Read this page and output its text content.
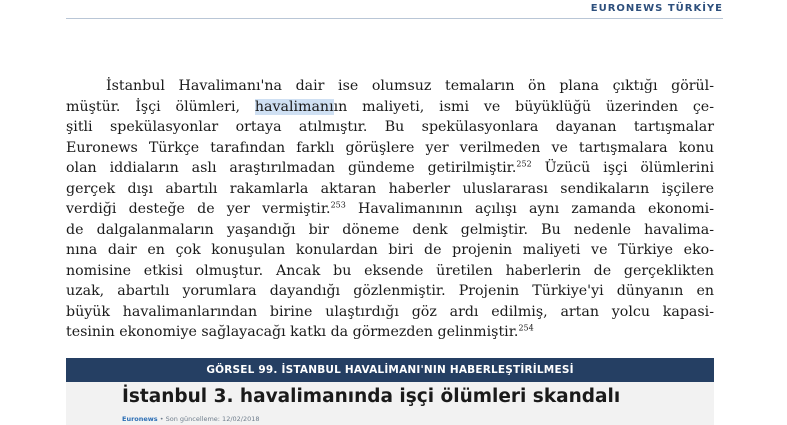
EURONEWS TÜRKİYE
İstanbul Havalimanı'na dair ise olumsuz temaların ön plana çıktığı görül-
müştür. İşçi ölümleri, havalimanıın maliyeti, ismi ve büyüklüğü üzerinden çe-
şitli spekülasyonlar ortaya atılmıştır. Bu spekülasyonlara dayanan tartışmalar
Euronews Türkçe tarafından farklı görüşlere yer verilmeden ve tartışmalara konu
olan iddiaların aslı araştırılmadan gündeme getirilmiştir.$^{252}$ Üzücü işçi ölümlerini
gerçek dışı abartılı rakamlarla aktaran haberler uluslararası sendikaların işçilere
verdiği desteğe de yer vermiştir.$^{253}$ Havalimanının açılışı aynı zamanda ekonomi-
de dalgalanmaların yaşandığı bir döneme denk gelmiştir. Bu nedenle havalima-
nına dair en çok konuşulan konulardan biri de projenin maliyeti ve Türkiye eko-
nomisine etkisi olmuştur. Ancak bu eksende üretilen haberlerin de gerçeklikten
uzak, abartılı yorumlara dayandığı gözlenmiştir. Projenin Türkiye'yi dünyanın en
büyük havalimanlarından birine ulaştırdığı göz ardı edilmiş, artan yolcu kapasi-
tesinin ekonomiye sağlayacağı katkı da görmezden gelinmiştir.$^{254}$
GÖRSEL 99. İSTANBUL HAVALİMANI'NIN HABERLEŞTİRİLMESİ
İstanbul 3. havalimanında işçi ölümleri skandalı
Euronews • Son güncelleme: 12/02/2018
